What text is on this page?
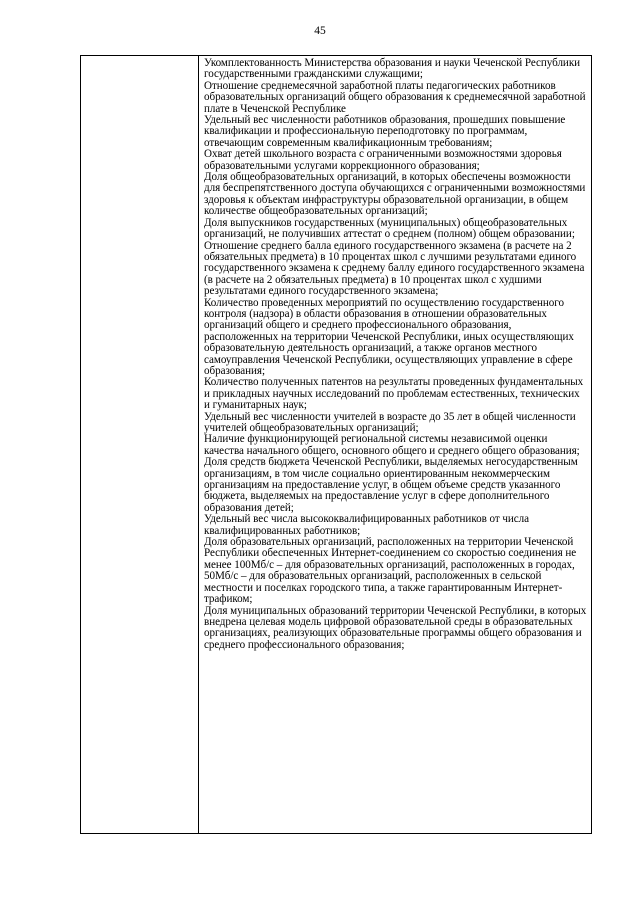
45

Укомплектованность Министерства образования и науки Чеченской Республики государственными гражданскими служащими;

Отношение среднемесячной заработной платы педагогических работников образовательных организаций общего образования к среднемесячной заработной плате в Чеченской Республике

Удельный вес численности работников образования, прошедших повышение квалификации и профессиональную переподготовку по программам, отвечающим современным квалификационным требованиям;

Охват детей школьного возраста с ограниченными возможностями здоровья образовательными услугами коррекционного образования;

Доля общеобразовательных организаций, в которых обеспечены возможности для беспрепятственного доступа обучающихся с ограниченными возможностями здоровья к объектам инфраструктуры образовательной организации, в общем количестве общеобразовательных организаций;

Доля выпускников государственных (муниципальных) общеобразовательных организаций, не получивших аттестат о среднем (полном) общем образовании;

Отношение среднего балла единого государственного экзамена (в расчете на 2 обязательных предмета) в 10 процентах школ с лучшими результатами единого государственного экзамена к среднему баллу единого государственного экзамена (в расчете на 2 обязательных предмета) в 10 процентах школ с худшими результатами единого государственного экзамена;

Количество проведенных мероприятий по осуществлению государственного контроля (надзора) в области образования в отношении образовательных организаций общего и среднего профессионального образования, расположенных на территории Чеченской Республики, иных осуществляющих образовательную деятельность организаций, а также органов местного самоуправления Чеченской Республики, осуществляющих управление в сфере образования;

Количество полученных патентов на результаты проведенных фундаментальных и прикладных научных исследований по проблемам естественных, технических и гуманитарных наук;

Удельный вес численности учителей в возрасте до 35 лет в общей численности учителей общеобразовательных организаций;

Наличие функционирующей региональной системы независимой оценки качества начального общего, основного общего и среднего общего образования;

Доля средств бюджета Чеченской Республики, выделяемых негосударственным организациям, в том числе социально ориентированным некоммерческим организациям на предоставление услуг, в общем объеме средств указанного бюджета, выделяемых на предоставление услуг в сфере дополнительного образования детей;

Удельный вес числа высококвалифицированных работников от числа квалифицированных работников;

Доля образовательных организаций, расположенных на территории Чеченской Республики обеспеченных Интернет-соединением со скоростью соединения не менее 100Мб/с – для образовательных организаций, расположенных в городах, 50Мб/с – для образовательных организаций, расположенных в сельской местности и поселках городского типа, а также гарантированным Интернет-трафиком;

Доля муниципальных образований территории Чеченской Республики, в которых внедрена целевая модель цифровой образовательной среды в образовательных организациях, реализующих образовательные программы общего образования и среднего профессионального образования;
